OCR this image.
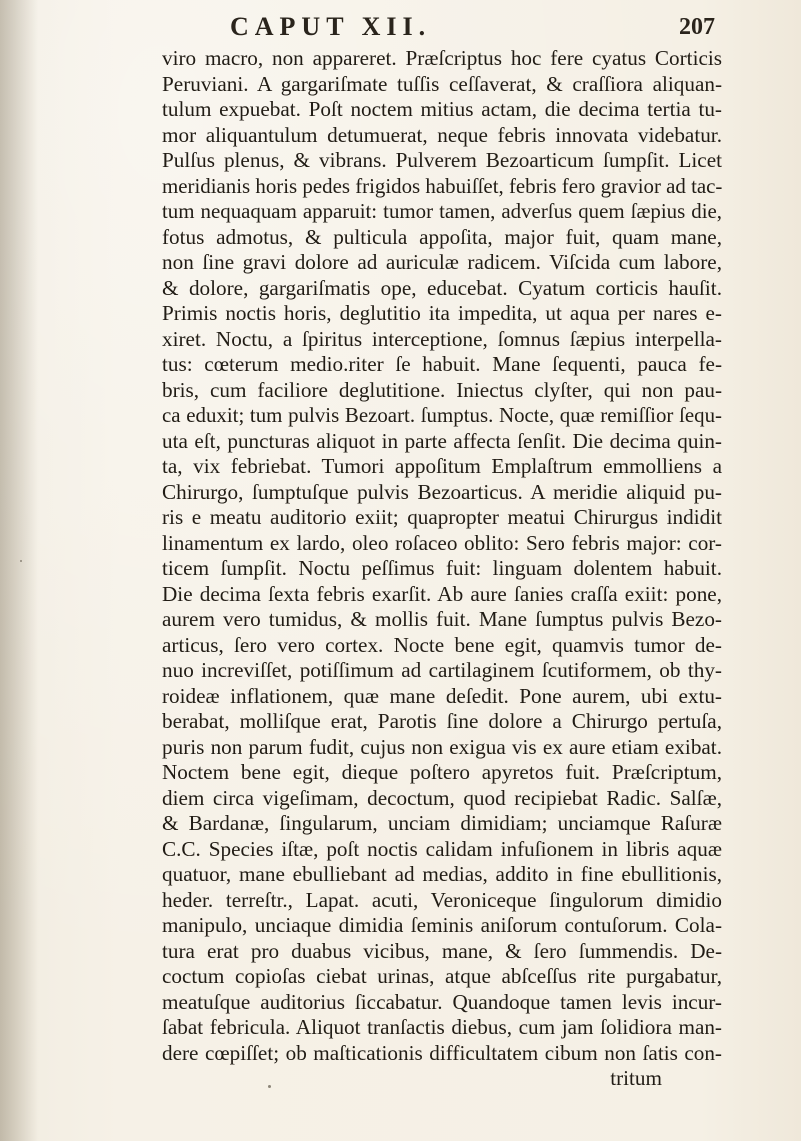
CAPUT XII.	207
viro macro, non appareret. Præſcriptus hoc fere cyatus Corticis
Peruviani. A gargariſmate tuſſis ceſſaverat, & craſſiora aliquan-
tulum expuebat. Poſt noctem mitius actam, die decima tertia tu-
mor aliquantulum detumuerat, neque febris innovata videbatur.
Pulſus plenus, & vibrans. Pulverem Bezoarticum ſumpſit. Licet
meridianis horis pedes frigidos habuiſſet, febris fero gravior ad tac-
tum nequaquam apparuit: tumor tamen, adverſus quem ſæpius die,
fotus admotus, & pulticula appoſita, major fuit, quam mane,
non ſine gravi dolore ad auriculæ radicem. Viſcida cum labore,
& dolore, gargariſmatis ope, educebat. Cyatum corticis hauſit.
Primis noctis horis, deglutitio ita impedita, ut aqua per nares e-
xiret. Noctu, a ſpiritus interceptione, ſomnus ſæpius interpella-
tus: cœterum medio.riter ſe habuit. Mane ſequenti, pauca fe-
bris, cum faciliore deglutitione. Iniectus clyſter, qui non pau-
ca eduxit; tum pulvis Bezoart. ſumptus. Nocte, quæ remiſſior ſequ-
uta eſt, puncturas aliquot in parte affecta ſenſit. Die decima quin-
ta, vix febriebat. Tumori appoſitum Emplaſtrum emmolliens a
Chirurgo, ſumptuſque pulvis Bezoarticus. A meridie aliquid pu-
ris e meatu auditorio exiit; quapropter meatui Chirurgus indidit
linamentum ex lardo, oleo roſaceo oblito: Sero febris major: cor-
ticem ſumpſit. Noctu peſſimus fuit: linguam dolentem habuit.
Die decima ſexta febris exarſit. Ab aure ſanies craſſa exiit: pone,
aurem vero tumidus, & mollis fuit. Mane ſumptus pulvis Bezo-
articus, ſero vero cortex. Nocte bene egit, quamvis tumor de-
nuo increviſſet, potiſſimum ad cartilaginem ſcutiformem, ob thy-
roideæ inflationem, quæ mane deſedit. Pone aurem, ubi extu-
berabat, molliſque erat, Parotis ſine dolore a Chirurgo pertuſa,
puris non parum fudit, cujus non exigua vis ex aure etiam exibat.
Noctem bene egit, dieque poſtero apyretos fuit. Præſcriptum,
diem circa vigeſimam, decoctum, quod recipiebat Radic. Salſæ,
& Bardanæ, ſingularum, unciam dimidiam; unciamque Raſuræ
C.C. Species iſtæ, poſt noctis calidam infuſionem in libris aquæ
quatuor, mane ebulliebant ad medias, addito in fine ebullitionis,
heder. terreſtr., Lapat. acuti, Veroniceque ſingulorum dimidio
manipulo, unciaque dimidia ſeminis aniſorum contuſorum. Cola-
tura erat pro duabus vicibus, mane, & ſero ſummendis. De-
coctum copioſas ciebat urinas, atque abſceſſus rite purgabatur,
meatuſque auditorius ſiccabatur. Quandoque tamen levis incur-
ſabat febricula. Aliquot tranſactis diebus, cum jam ſolidiora man-
dere cœpiſſet; ob maſticationis difficultatem cibum non ſatis con-
tritum
